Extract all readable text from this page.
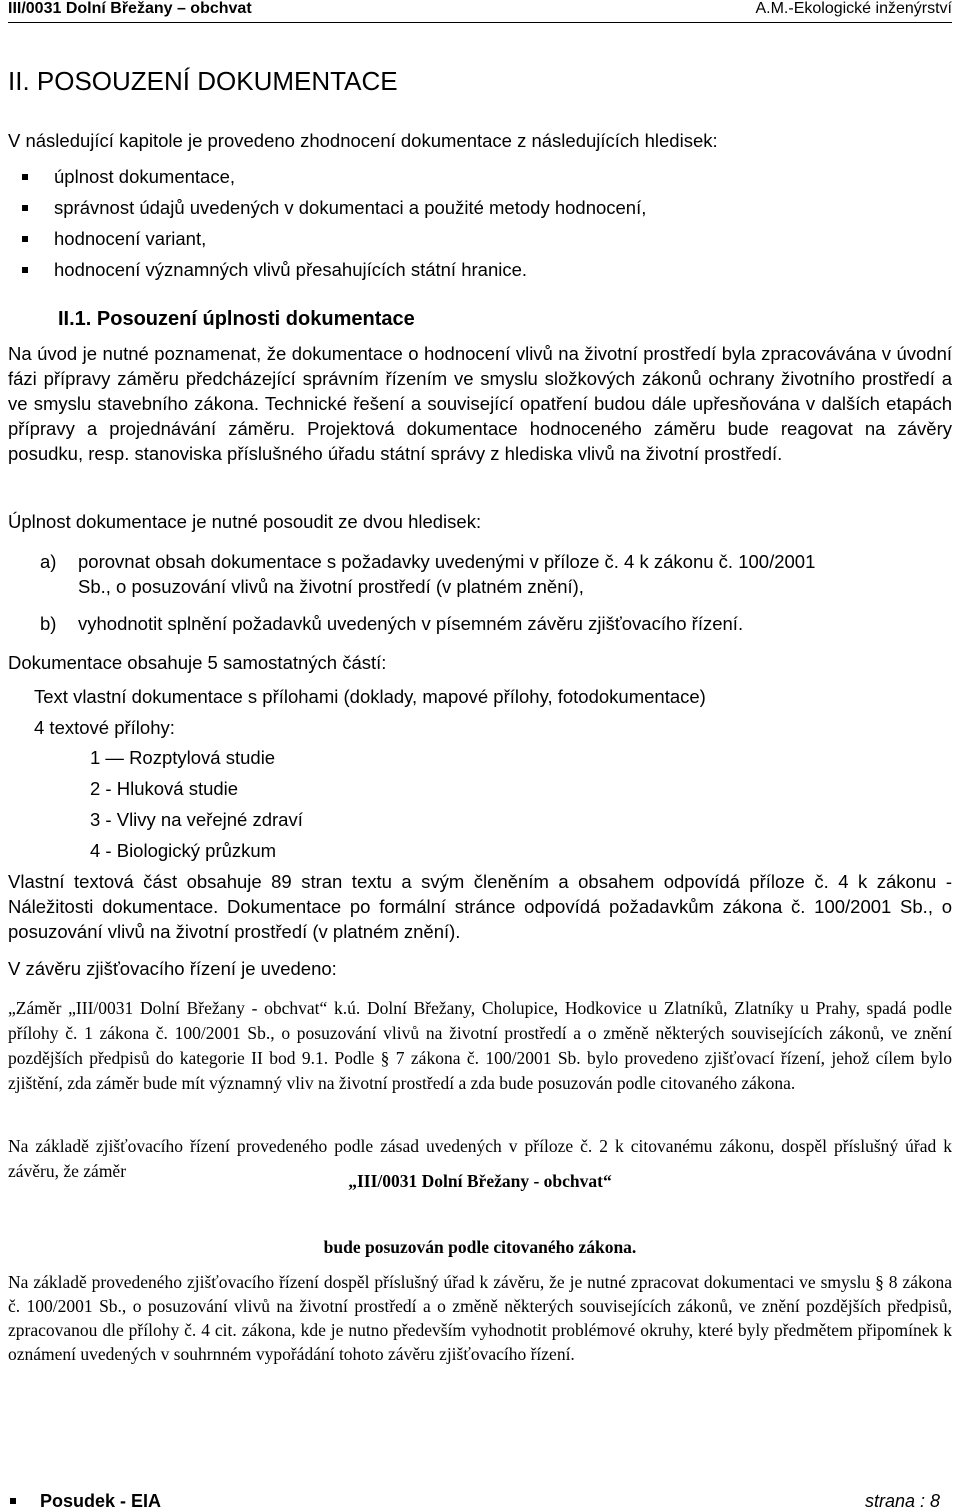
III/0031 Dolní Břežany – obchvat	A.M.-Ekologické inženýrství
II. POSOUZENÍ DOKUMENTACE
V následující kapitole je provedeno zhodnocení dokumentace z následujících hledisek:
úplnost dokumentace,
správnost údajů uvedených v dokumentaci a použité metody hodnocení,
hodnocení variant,
hodnocení významných vlivů přesahujících státní hranice.
II.1. Posouzení úplnosti dokumentace
Na úvod je nutné poznamenat, že dokumentace o hodnocení vlivů na životní prostředí byla zpracovávána v úvodní fázi přípravy záměru předcházející správním řízením ve smyslu složkových zákonů ochrany životního prostředí a ve smyslu stavebního zákona. Technické řešení a související opatření budou dále upřesňována v dalších etapách přípravy a projednávání záměru. Projektová dokumentace hodnoceného záměru bude reagovat na závěry posudku, resp. stanoviska příslušného úřadu státní správy z hlediska vlivů na životní prostředí.
Úplnost dokumentace je nutné posoudit ze dvou hledisek:
a) porovnat obsah dokumentace s požadavky uvedenými v příloze č. 4 k zákonu č. 100/2001 Sb., o posuzování vlivů na životní prostředí (v platném znění),
b) vyhodnotit splnění požadavků uvedených v písemném závěru zjišťovacího řízení.
Dokumentace obsahuje 5 samostatných částí:
Text vlastní dokumentace s přílohami (doklady, mapové přílohy, fotodokumentace)
4 textové přílohy:
1 — Rozptylová studie
2 - Hluková studie
3 - Vlivy na veřejné zdraví
4 - Biologický průzkum
Vlastní textová část obsahuje 89 stran textu a svým členěním a obsahem odpovídá příloze č. 4 k zákonu - Náležitosti dokumentace. Dokumentace po formální stránce odpovídá požadavkům zákona č. 100/2001 Sb., o posuzování vlivů na životní prostředí (v platném znění).
V závěru zjišťovacího řízení je uvedeno:
„Záměr „III/0031 Dolní Břežany - obchvat“ k.ú. Dolní Břežany, Cholupice, Hodkovice u Zlatníků, Zlatníky u Prahy, spadá podle přílohy č. 1 zákona č. 100/2001 Sb., o posuzování vlivů na životní prostředí a o změně některých souvisejících zákonů, ve znění pozdějších předpisů do kategorie II bod 9.1. Podle § 7 zákona č. 100/2001 Sb. bylo provedeno zjišťovací řízení, jehož cílem bylo zjištění, zda záměr bude mít významný vliv na životní prostředí a zda bude posuzován podle citovaného zákona.
Na základě zjišťovacího řízení provedeného podle zásad uvedených v příloze č. 2 k citovanému zákonu, dospěl příslušný úřad k závěru, že záměr	„III/0031 Dolní Břežany - obchvat“
bude posuzován podle citovaného zákona.
Na základě provedeného zjišťovacího řízení dospěl příslušný úřad k závěru, že je nutné zpracovat dokumentaci ve smyslu § 8 zákona č. 100/2001 Sb., o posuzování vlivů na životní prostředí a o změně některých souvisejících zákonů, ve znění pozdějších předpisů, zpracovanou dle přílohy č. 4 cit. zákona, kde je nutno především vyhodnotit problémové okruhy, které byly předmětem připomínek k oznámení uvedených v souhrnném vypořádání tohoto závěru zjišťovacího řízení.
Posudek - EIA	strana : 8
